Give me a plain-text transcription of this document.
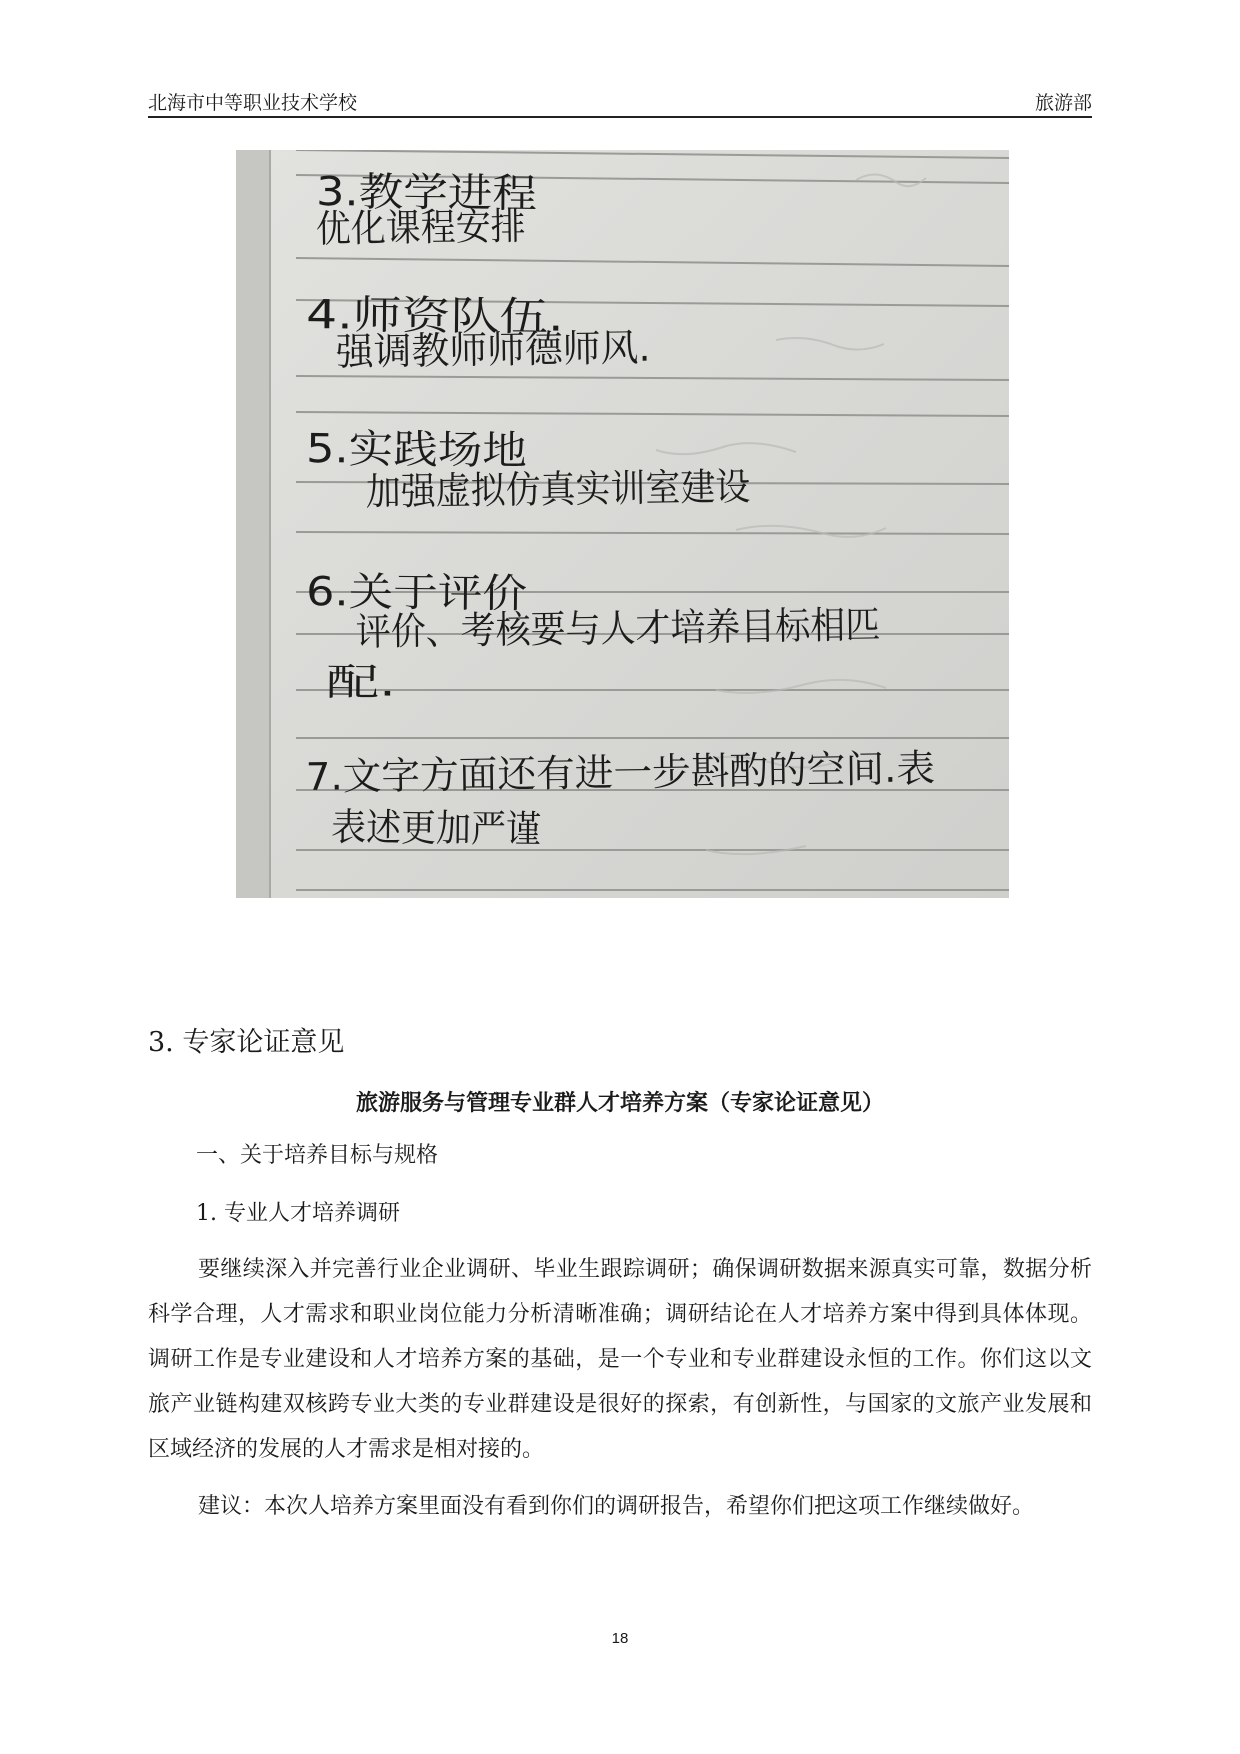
北海市中等职业技术学校	旅游部
3.教学进程
优化课程安排
4.师资队伍.
强调教师师德师风.
5.实践场地
加强虚拟仿真实训室建设
6.关于评价
评价、考核要与人才培养目标相匹
配.
7.文字方面还有进一步斟酌的空间.表
表述更加严谨
3. 专家论证意见
旅游服务与管理专业群人才培养方案（专家论证意见）
一、关于培养目标与规格
1. 专业人才培养调研

要继续深入并完善行业企业调研、毕业生跟踪调研；确保调研数据来源真实可靠，数据分析科学合理，人才需求和职业岗位能力分析清晰准确；调研结论在人才培养方案中得到具体体现。调研工作是专业建设和人才培养方案的基础，是一个专业和专业群建设永恒的工作。你们这以文旅产业链构建双核跨专业大类的专业群建设是很好的探索，有创新性，与国家的文旅产业发展和区域经济的发展的人才需求是相对接的。

建议：本次人培养方案里面没有看到你们的调研报告，希望你们把这项工作继续做好。

18
